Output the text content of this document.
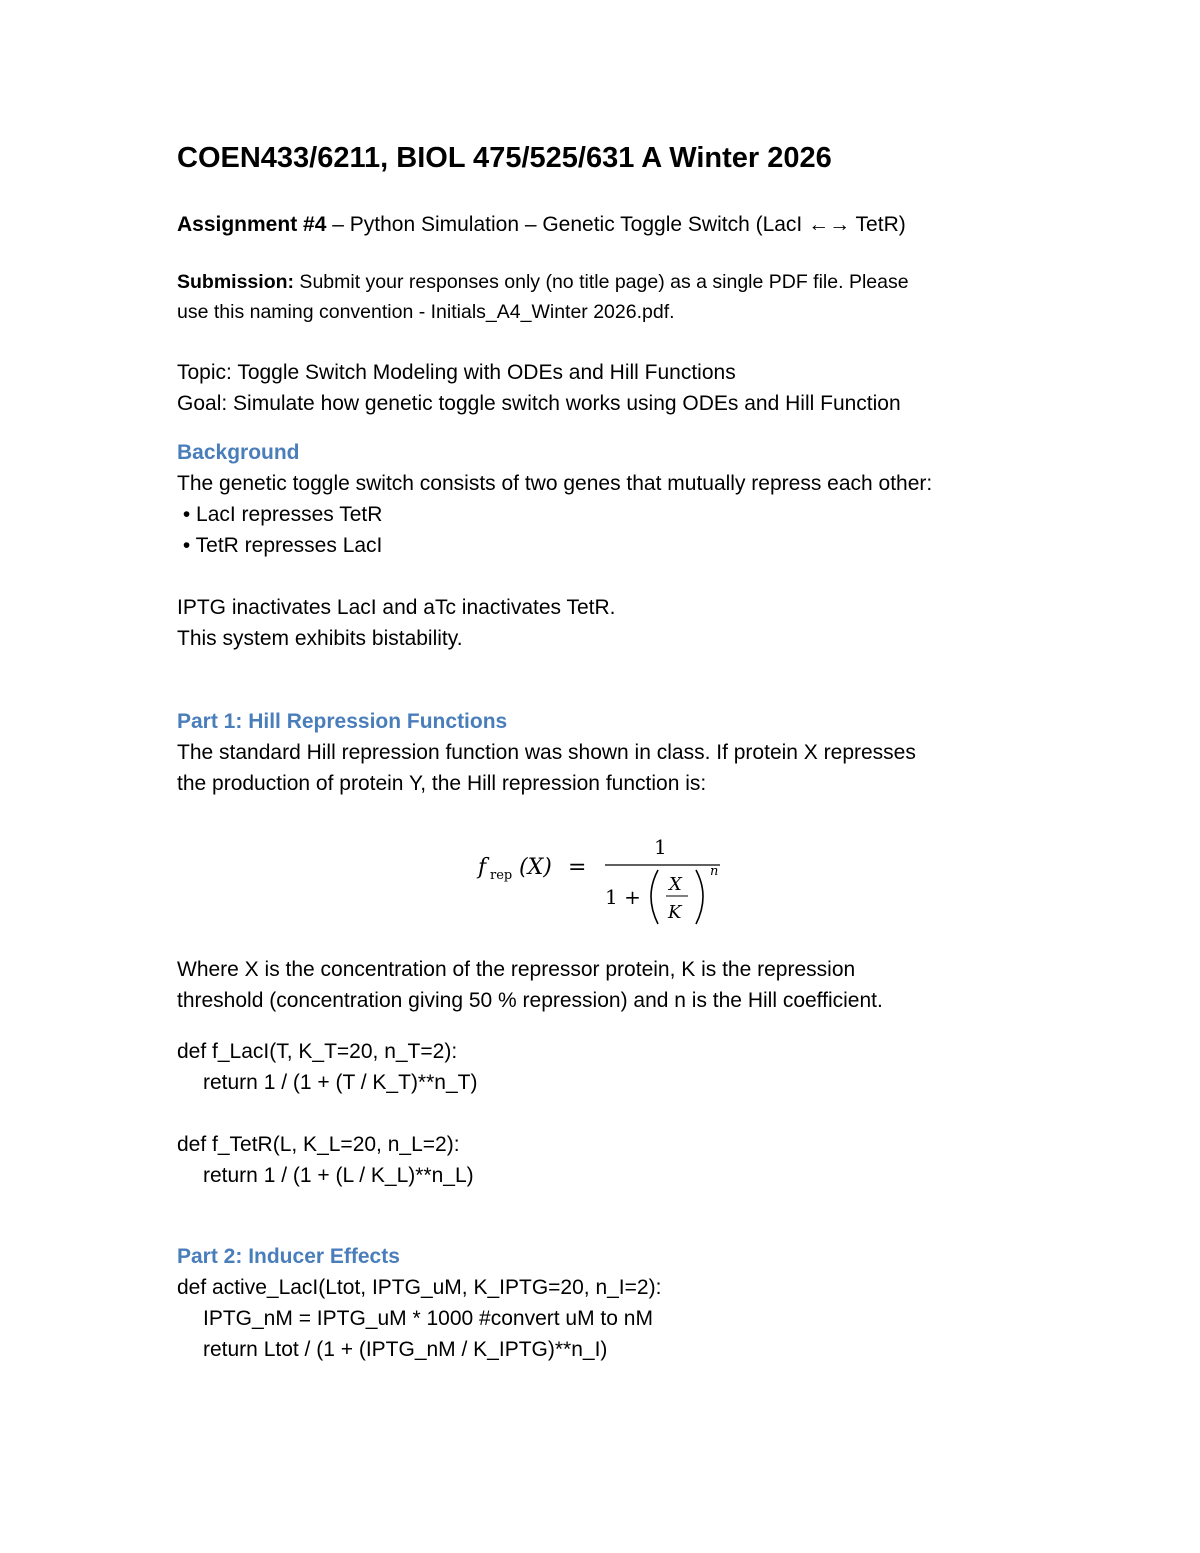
COEN433/6211, BIOL 475/525/631 A Winter 2026
Assignment #4 – Python Simulation – Genetic Toggle Switch (LacI ←→ TetR)
Submission: Submit your responses only (no title page) as a single PDF file. Please
use this naming convention - Initials_A4_Winter 2026.pdf.
Topic: Toggle Switch Modeling with ODEs and Hill Functions
Goal: Simulate how genetic toggle switch works using ODEs and Hill Function
Background
The genetic toggle switch consists of two genes that mutually repress each other:
• LacI represses TetR
• TetR represses LacI
IPTG inactivates LacI and aTc inactivates TetR.
This system exhibits bistability.
Part 1: Hill Repression Functions
The standard Hill repression function was shown in class. If protein X represses
the production of protein Y, the Hill repression function is:
f rep (X) =
1
1 +
X
K
n
Where X is the concentration of the repressor protein, K is the repression
threshold (concentration giving 50 % repression) and n is the Hill coefficient.
def f_LacI(T, K_T=20, n_T=2):
return 1 / (1 + (T / K_T)**n_T)
def f_TetR(L, K_L=20, n_L=2):
return 1 / (1 + (L / K_L)**n_L)
Part 2: Inducer Effects
def active_LacI(Ltot, IPTG_uM, K_IPTG=20, n_I=2):
IPTG_nM = IPTG_uM * 1000 #convert uM to nM
return Ltot / (1 + (IPTG_nM / K_IPTG)**n_I)
